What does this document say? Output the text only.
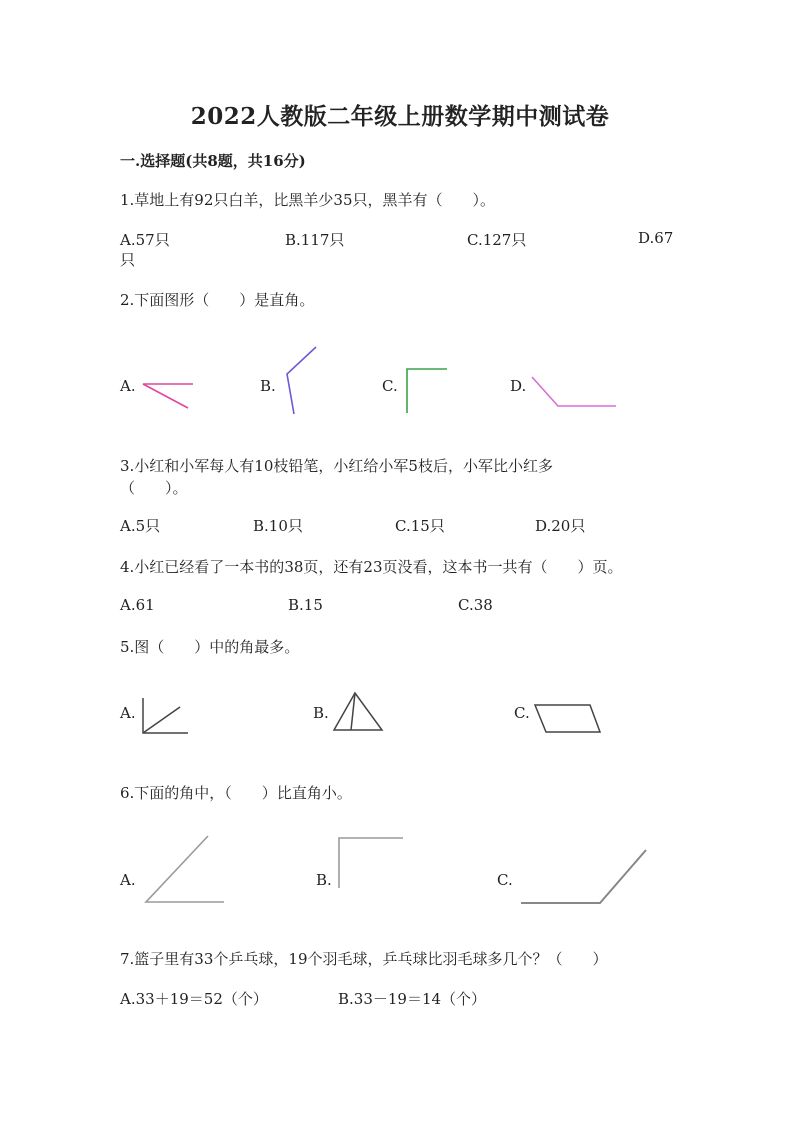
2022人教版二年级上册数学期中测试卷
一.选择题(共8题，共16分)
1.草地上有92只白羊，比黑羊少35只，黑羊有（　　）。
A.57只	B.117只	C.127只	D.67
只
2.下面图形（　　）是直角。
A.	B.	C.	D.
3.小红和小军每人有10枝铅笔，小红给小军5枝后，小军比小红多
（　　）。
A.5只	B.10只	C.15只	D.20只
4.小红已经看了一本书的38页，还有23页没看，这本书一共有（　　）页。
A.61	B.15	C.38
5.图（　　）中的角最多。
A.	B.	C.
6.下面的角中，（　　）比直角小。
A.	B.	C.
7.篮子里有33个乒乓球，19个羽毛球，乒乓球比羽毛球多几个？（　　）
A.33＋19＝52（个）	B.33－19＝14（个）
